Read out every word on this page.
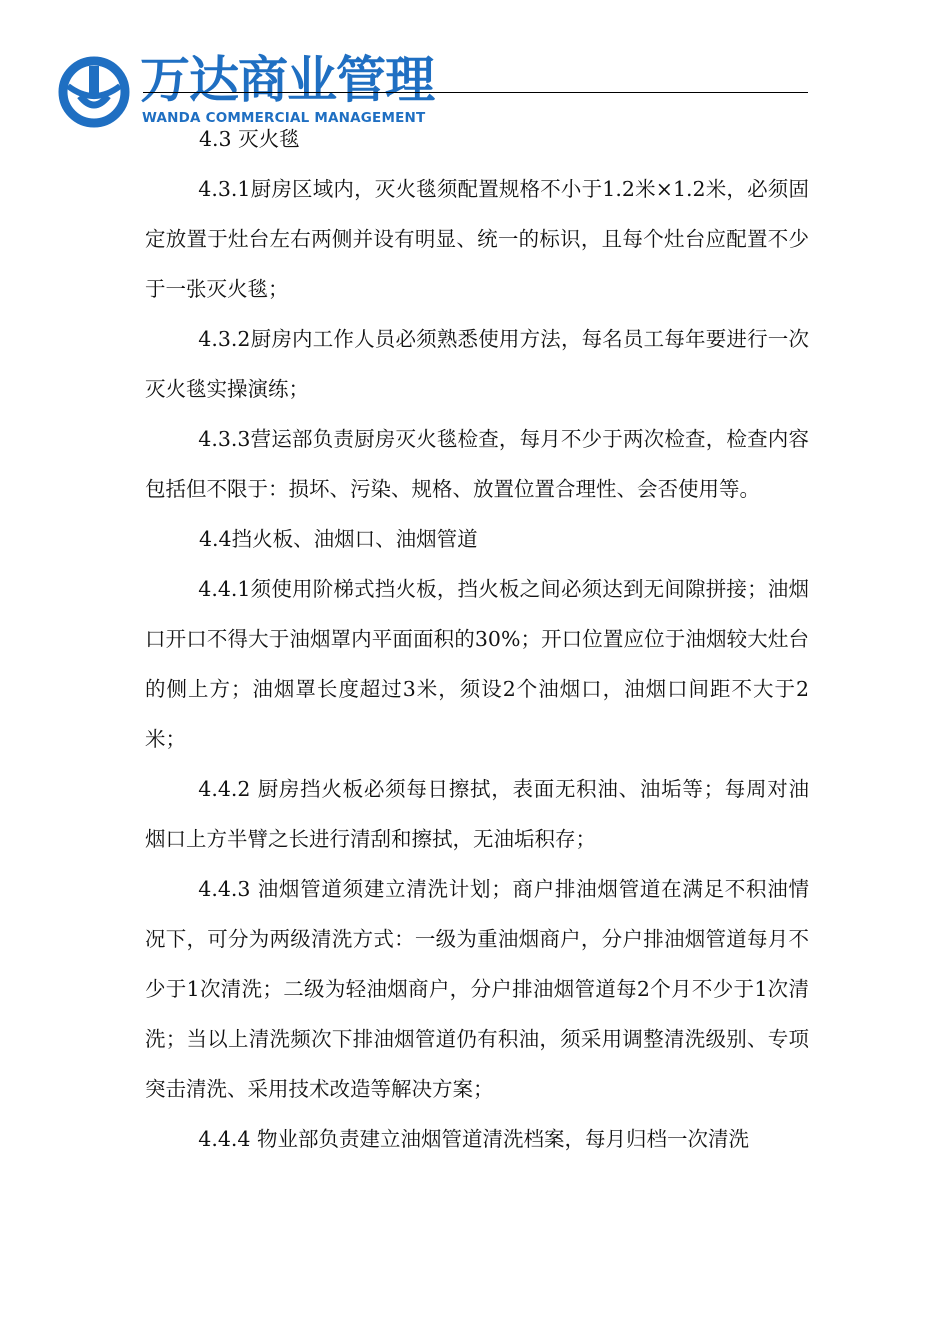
万达商业管理
WANDA COMMERCIAL MANAGEMENT

4.3 灭火毯

4.3.1厨房区域内，灭火毯须配置规格不小于1.2米×1.2米，必须固定放置于灶台左右两侧并设有明显、统一的标识，且每个灶台应配置不少于一张灭火毯；

4.3.2厨房内工作人员必须熟悉使用方法，每名员工每年要进行一次灭火毯实操演练；

4.3.3营运部负责厨房灭火毯检查，每月不少于两次检查，检查内容包括但不限于：损坏、污染、规格、放置位置合理性、会否使用等。

4.4挡火板、油烟口、油烟管道

4.4.1须使用阶梯式挡火板，挡火板之间必须达到无间隙拼接；油烟口开口不得大于油烟罩内平面面积的30%；开口位置应位于油烟较大灶台的侧上方；油烟罩长度超过3米，须设2个油烟口，油烟口间距不大于2米；

4.4.2 厨房挡火板必须每日擦拭，表面无积油、油垢等；每周对油烟口上方半臂之长进行清刮和擦拭，无油垢积存；

4.4.3 油烟管道须建立清洗计划；商户排油烟管道在满足不积油情况下，可分为两级清洗方式：一级为重油烟商户，分户排油烟管道每月不少于1次清洗；二级为轻油烟商户，分户排油烟管道每2个月不少于1次清洗；当以上清洗频次下排油烟管道仍有积油，须采用调整清洗级别、专项突击清洗、采用技术改造等解决方案；

4.4.4 物业部负责建立油烟管道清洗档案，每月归档一次清洗
